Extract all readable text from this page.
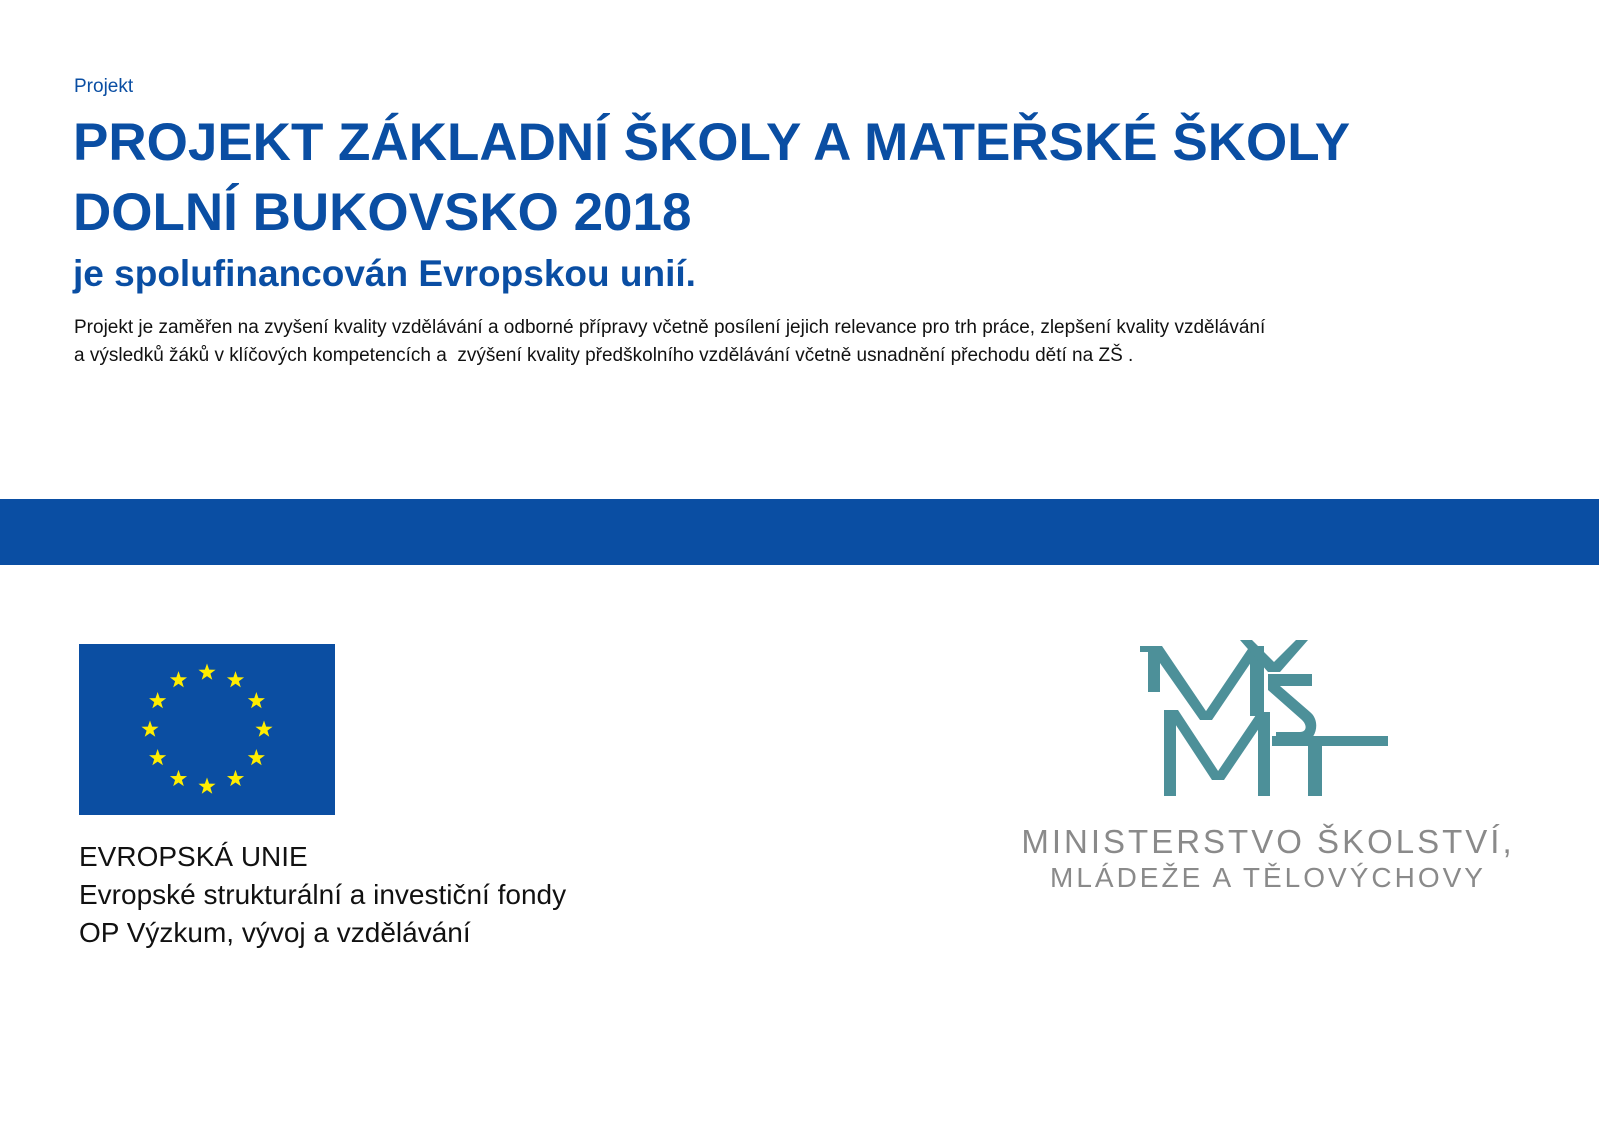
Projekt
PROJEKT ZÁKLADNÍ ŠKOLY A MATEŘSKÉ ŠKOLY
DOLNÍ BUKOVSKO 2018
je spolufinancován Evropskou unií.

Projekt je zaměřen na zvyšení kvality vzdělávání a odborné přípravy včetně posílení jejich relevance pro trh práce, zlepšení kvality vzdělávání
a výsledků žáků v klíčových kompetencích a  zvýšení kvality předškolního vzdělávání včetně usnadnění přechodu dětí na ZŠ .

EVROPSKÁ UNIE
Evropské strukturální a investiční fondy
OP Výzkum, vývoj a vzdělávání
MINISTERSTVO ŠKOLSTVÍ,
MLÁDEŽE A TĚLOVÝCHOVY
